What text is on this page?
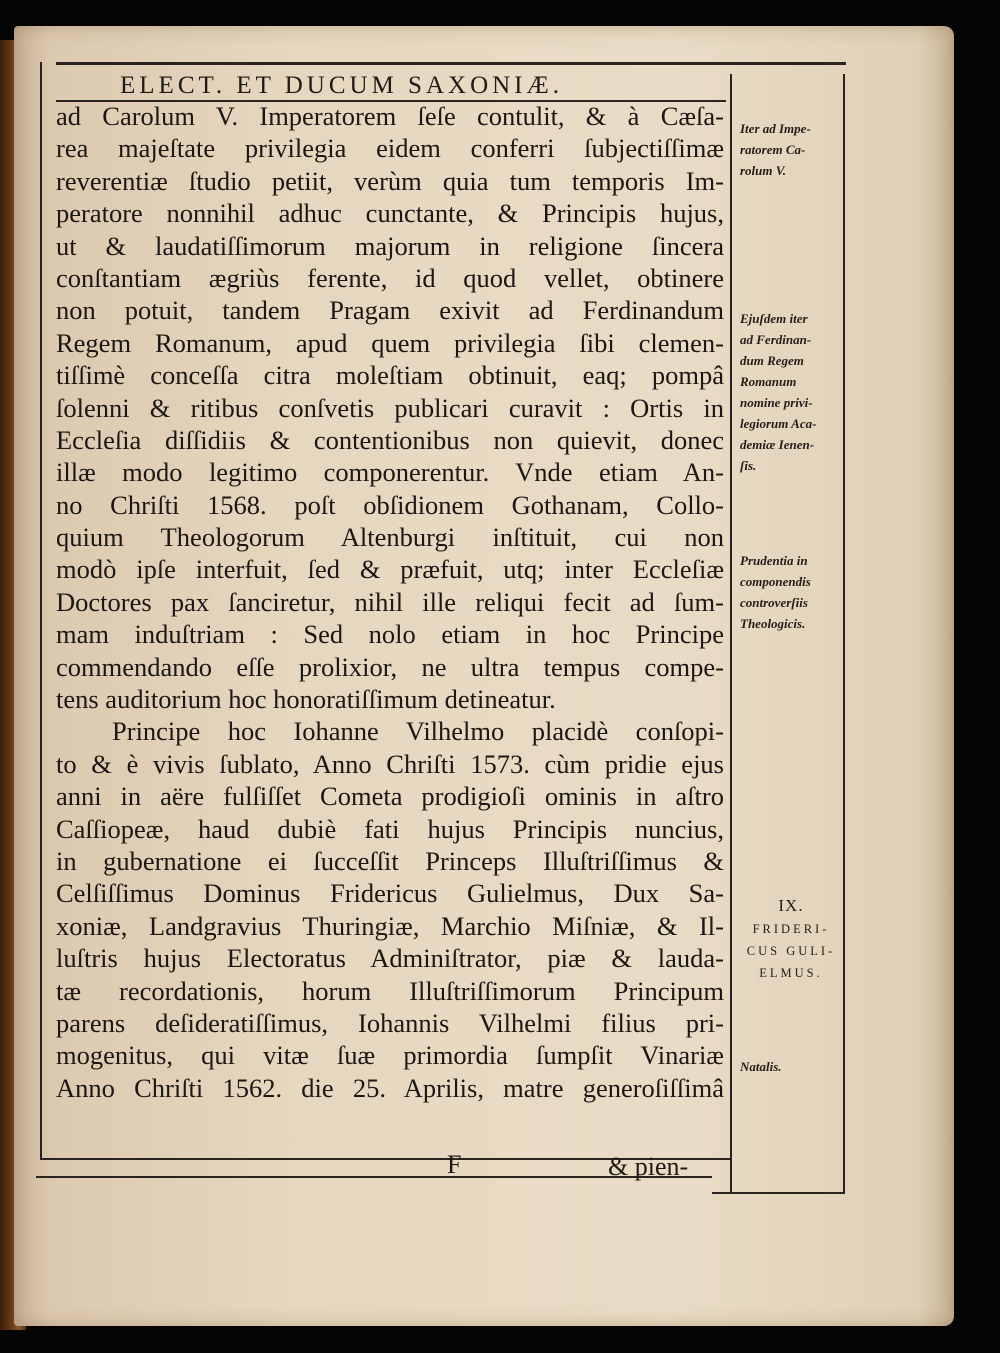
ELECT. ET DUCUM SAXONIÆ.
ad Carolum V. Imperatorem ſeſe contulit, & à Cæſa-
rea majeſtate privilegia eidem conferri ſubjectiſſimæ
reverentiæ ſtudio petiit, verùm quia tum temporis Im-
peratore nonnihil adhuc cunctante, & Principis hujus,
ut & laudatiſſimorum majorum in religione ſincera
conſtantiam ægriùs ferente, id quod vellet, obtinere
non potuit, tandem Pragam exivit ad Ferdinandum
Regem Romanum, apud quem privilegia ſibi clemen-
tiſſimè conceſſa citra moleſtiam obtinuit, eaq; pompâ
ſolenni & ritibus conſvetis publicari curavit : Ortis in
Eccleſia diſſidiis & contentionibus non quievit, donec
illæ modo legitimo componerentur. Vnde etiam An-
no Chriſti 1568. poſt obſidionem Gothanam, Collo-
quium Theologorum Altenburgi inſtituit, cui non
modò ipſe interfuit, ſed & præfuit, utq; inter Eccleſiæ
Doctores pax ſanciretur, nihil ille reliqui fecit ad ſum-
mam induſtriam : Sed nolo etiam in hoc Principe
commendando eſſe prolixior, ne ultra tempus compe-
tens auditorium hoc honoratiſſimum detineatur.
Principe hoc Iohanne Vilhelmo placidè conſopi-
to & è vivis ſublato, Anno Chriſti 1573. cùm pridie ejus
anni in aëre fulſiſſet Cometa prodigioſi ominis in aſtro
Caſſiopeæ, haud dubiè fati hujus Principis nuncius,
in gubernatione ei ſucceſſit Princeps Illuſtriſſimus &
Celſiſſimus Dominus Fridericus Gulielmus, Dux Sa-
xoniæ, Landgravius Thuringiæ, Marchio Miſniæ, & Il-
luſtris hujus Electoratus Adminiſtrator, piæ & lauda-
tæ recordationis, horum Illuſtriſſimorum Principum
parens deſideratiſſimus, Iohannis Vilhelmi filius pri-
mogenitus, qui vitæ ſuæ primordia ſumpſit Vinariæ
Anno Chriſti 1562. die 25. Aprilis, matre generoſiſſimâ
Iter ad Impe-
ratorem Ca-
rolum V.
Ejuſdem iter
ad Ferdinan-
dum Regem
Romanum
nomine privi-
legiorum Aca-
demiæ Ienen-
ſis.
Prudentia in
componendis
controverſiis
Theologicis.
IX.
FRIDERI-
CUS GULI-
ELMUS.
Natalis.
F	& pien-
